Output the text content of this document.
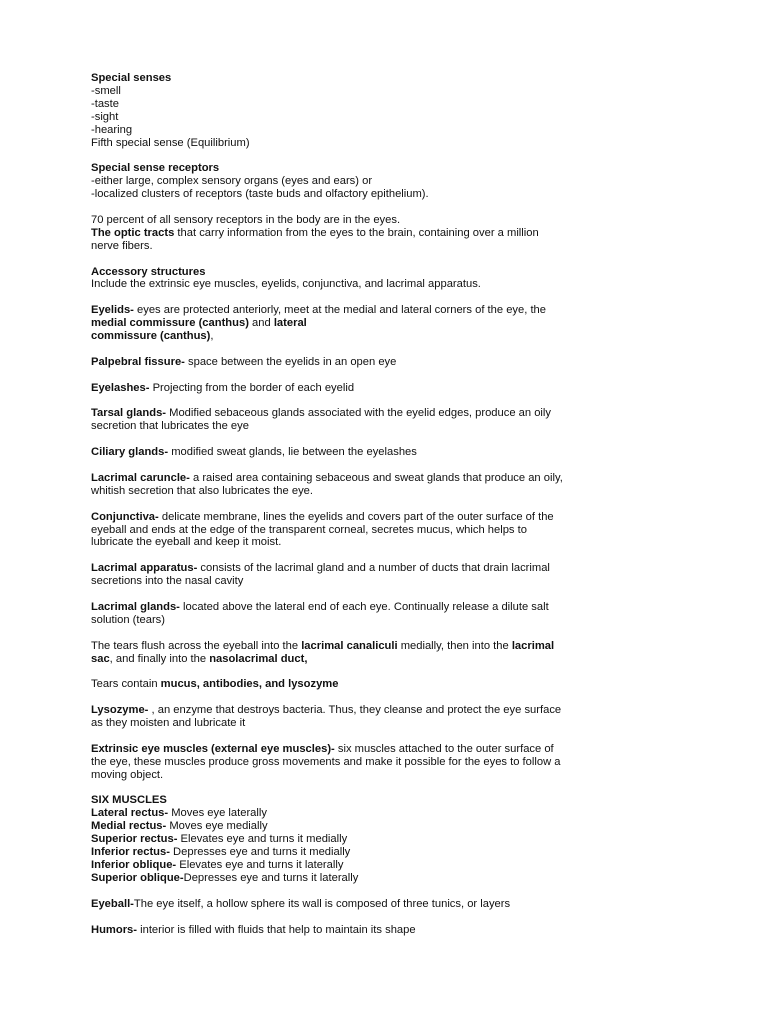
Special senses
-smell
-taste
-sight
-hearing
Fifth special sense (Equilibrium)
Special sense receptors
-either large, complex sensory organs (eyes and ears) or
-localized clusters of receptors (taste buds and olfactory epithelium).
70 percent of all sensory receptors in the body are in the eyes.
The optic tracts that carry information from the eyes to the brain, containing over a million
nerve fibers.
Accessory structures
Include the extrinsic eye muscles, eyelids, conjunctiva, and lacrimal apparatus.
Eyelids- eyes are protected anteriorly, meet at the medial and lateral corners of the eye, the
medial commissure (canthus) and lateral
commissure (canthus),
Palpebral fissure- space between the eyelids in an open eye
Eyelashes- Projecting from the border of each eyelid
Tarsal glands- Modified sebaceous glands associated with the eyelid edges, produce an oily
secretion that lubricates the eye
Ciliary glands- modified sweat glands, lie between the eyelashes
Lacrimal caruncle- a raised area containing sebaceous and sweat glands that produce an oily,
whitish secretion that also lubricates the eye.
Conjunctiva- delicate membrane, lines the eyelids and covers part of the outer surface of the
eyeball and ends at the edge of the transparent corneal, secretes mucus, which helps to
lubricate the eyeball and keep it moist.
Lacrimal apparatus- consists of the lacrimal gland and a number of ducts that drain lacrimal
secretions into the nasal cavity
Lacrimal glands- located above the lateral end of each eye. Continually release a dilute salt
solution (tears)
The tears flush across the eyeball into the lacrimal canaliculi medially, then into the lacrimal
sac, and finally into the nasolacrimal duct,
Tears contain mucus, antibodies, and lysozyme
Lysozyme- , an enzyme that destroys bacteria. Thus, they cleanse and protect the eye surface
as they moisten and lubricate it
Extrinsic eye muscles (external eye muscles)- six muscles attached to the outer surface of
the eye, these muscles produce gross movements and make it possible for the eyes to follow a
moving object.
SIX MUSCLES
Lateral rectus- Moves eye laterally
Medial rectus- Moves eye medially
Superior rectus- Elevates eye and turns it medially
Inferior rectus- Depresses eye and turns it medially
Inferior oblique- Elevates eye and turns it laterally
Superior oblique-Depresses eye and turns it laterally
Eyeball-The eye itself, a hollow sphere its wall is composed of three tunics, or layers
Humors- interior is filled with fluids that help to maintain its shape
